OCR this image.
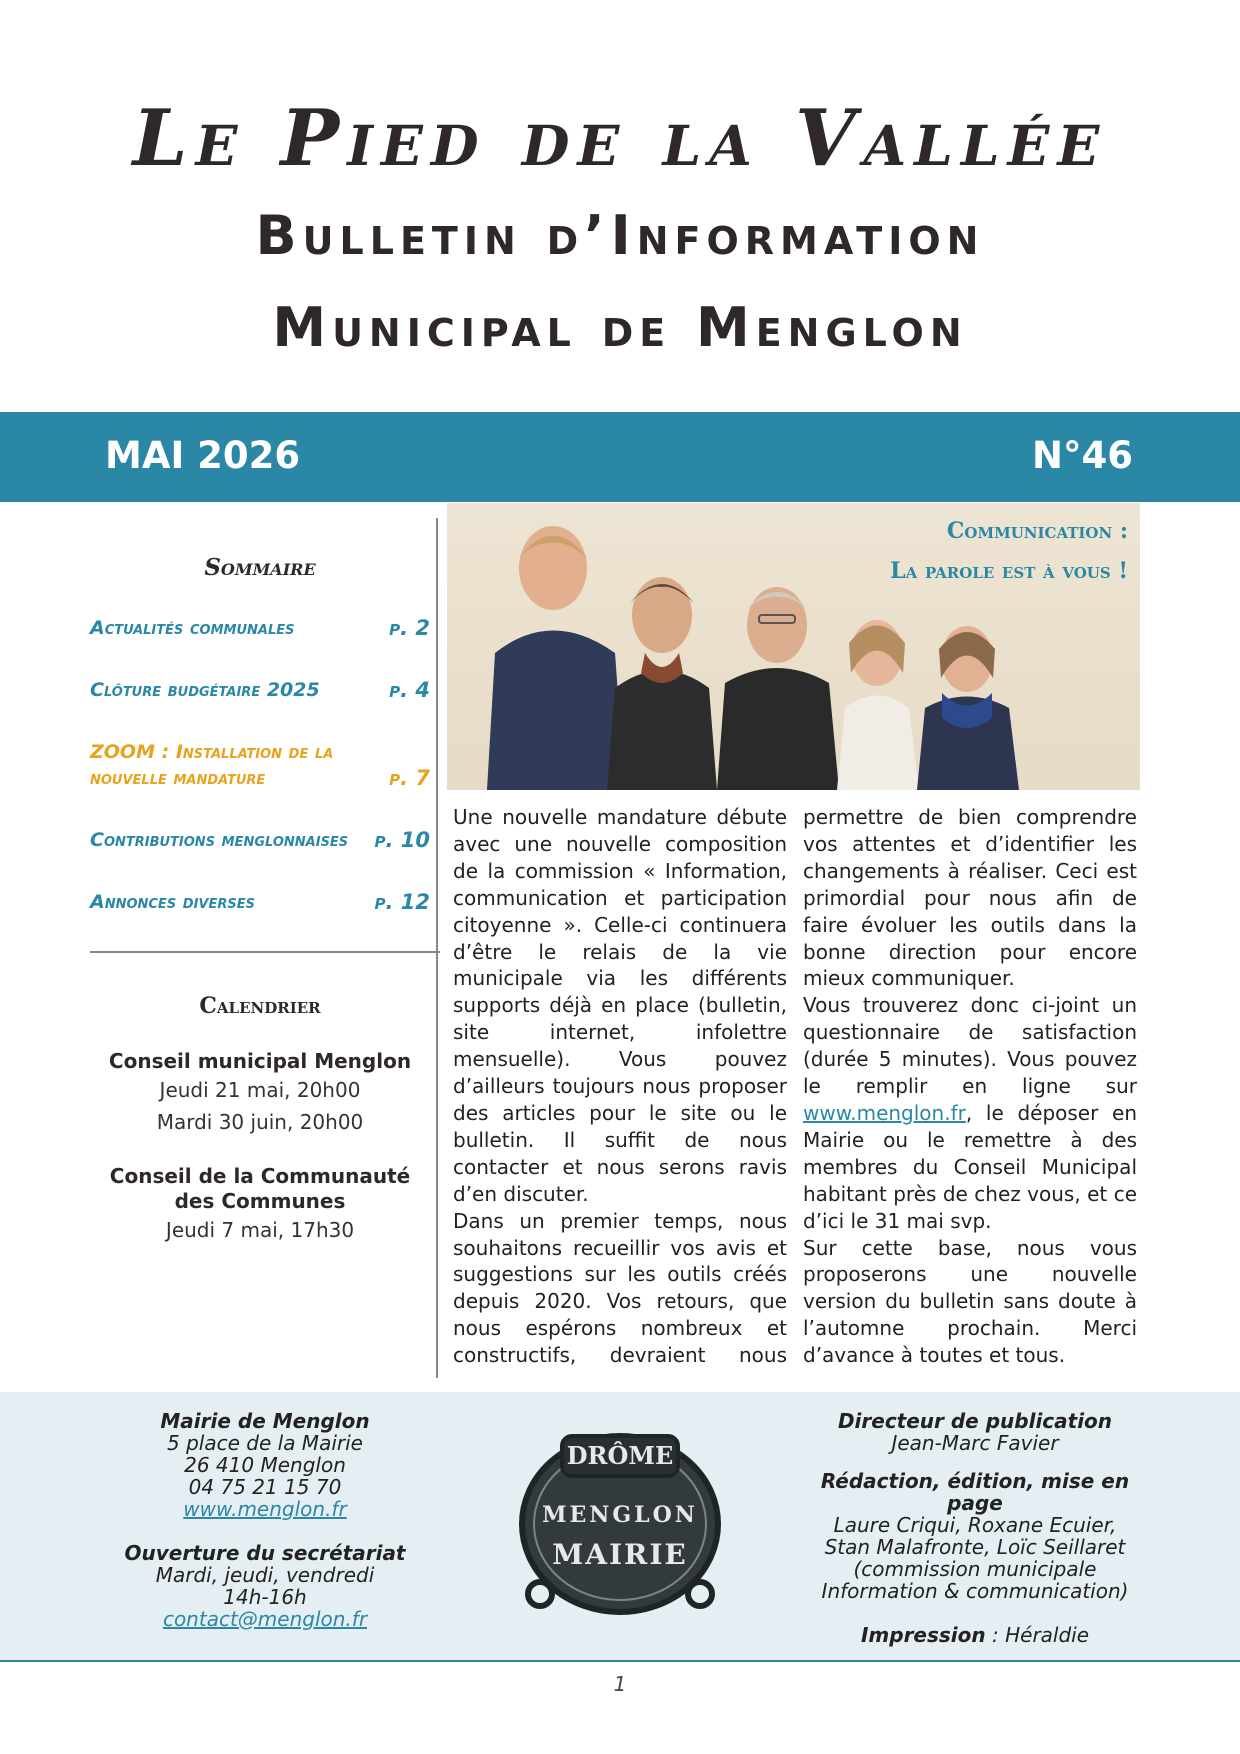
Le Pied de la Vallée
Bulletin d’Information
Municipal de Menglon
MAI 2026	N°46
Sommaire
Actualités communales	p. 2
Clôture budgétaire 2025	p. 4
ZOOM : Installation de la nouvelle mandature	p. 7
Contributions menglonnaises p. 10
Annonces diverses	p. 12
Calendrier
Conseil municipal Menglon
Jeudi 21 mai, 20h00
Mardi 30 juin, 20h00
Conseil de la Communauté des Communes
Jeudi 7 mai, 17h30
Communication :
La parole est à vous !

Une nouvelle mandature débute avec une nouvelle composition de la commission « Information, communication et participation citoyenne ». Celle-ci continuera d’être le relais de la vie municipale via les différents supports déjà en place (bulletin, site internet, infolettre mensuelle). Vous pouvez d’ailleurs toujours nous proposer des articles pour le site ou le bulletin. Il suffit de nous contacter et nous serons ravis d’en discuter.

Dans un premier temps, nous souhaitons recueillir vos avis et suggestions sur les outils créés depuis 2020. Vos retours, que nous espérons nombreux et constructifs, devraient nous permettre de bien comprendre vos attentes et d’identifier les changements à réaliser. Ceci est primordial pour nous afin de faire évoluer les outils dans la bonne direction pour encore mieux communiquer.

Vous trouverez donc ci-joint un questionnaire de satisfaction (durée 5 minutes). Vous pouvez le remplir en ligne sur www.menglon.fr, le déposer en Mairie ou le remettre à des membres du Conseil Municipal habitant près de chez vous, et ce d’ici le 31 mai svp.

Sur cette base, nous vous proposerons une nouvelle version du bulletin sans doute à l’automne prochain. Merci d’avance à toutes et tous.

Mairie de Menglon
5 place de la Mairie
26 410 Menglon
04 75 21 15 70
www.menglon.fr
Ouverture du secrétariat
Mardi, jeudi, vendredi
14h-16h
contact@menglon.fr
DRÔME
MENGLON
MAIRIE
Directeur de publication
Jean-Marc Favier
Rédaction, édition, mise en page
Laure Criqui, Roxane Ecuier,
Stan Malafronte, Loïc Seillaret
(commission municipale
Information & communication)
Impression : Héraldie
1
